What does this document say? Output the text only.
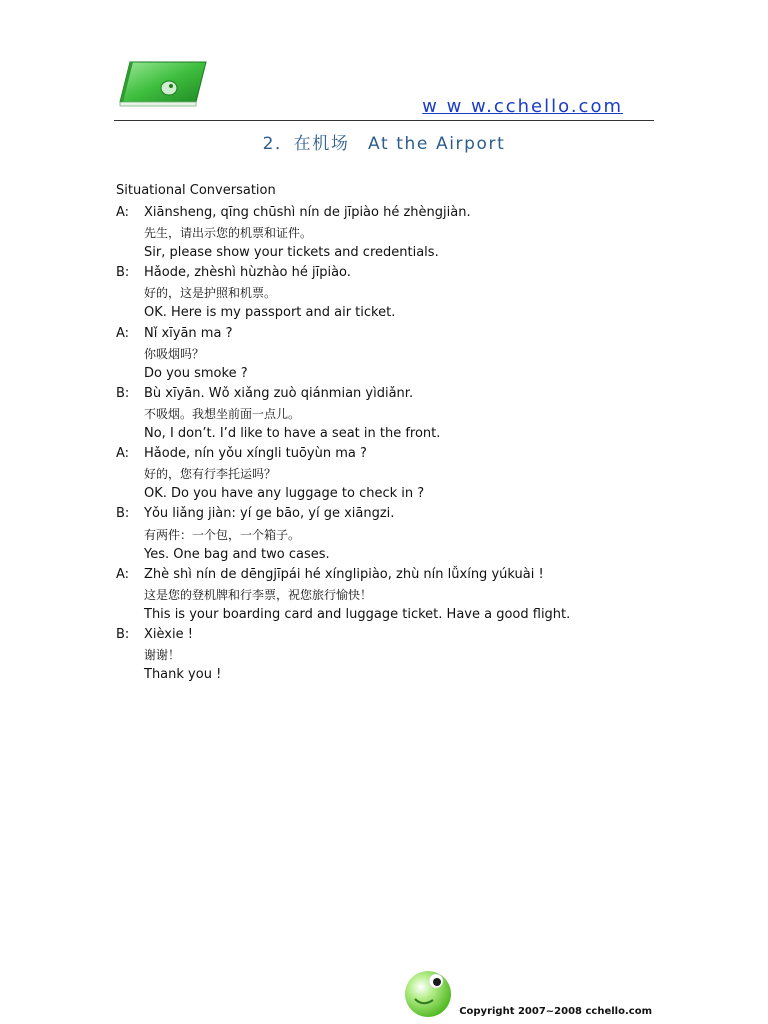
w w w.cchello.com
2．在机场　At the Airport
Situational Conversation
A:	Xiānsheng, qīng chūshì nín de jīpiào hé zhèngjiàn.
先生，请出示您的机票和证件。
Sir, please show your tickets and credentials.
B:	Hǎode, zhèshì hùzhào hé jīpiào.
好的，这是护照和机票。
OK. Here is my passport and air ticket.
A:	Nǐ xīyān ma ?
你吸烟吗？
Do you smoke ?
B:	Bù xīyān. Wǒ xiǎng zuò qiánmian yìdiǎnr.
不吸烟。我想坐前面一点儿。
No, I don’t. I’d like to have a seat in the front.
A:	Hǎode, nín yǒu xíngli tuōyùn ma ?
好的，您有行李托运吗？
OK. Do you have any luggage to check in ?
B:	Yǒu liǎng jiàn: yí ge bāo, yí ge xiāngzi.
有两件：一个包，一个箱子。
Yes. One bag and two cases.
A:	Zhè shì nín de dēngjīpái hé xínglipiào, zhù nín lǚxíng yúkuài !
这是您的登机牌和行李票，祝您旅行愉快！
This is your boarding card and luggage ticket. Have a good flight.
B:	Xièxie !
谢谢！
Thank you !
Copyright 2007~2008 cchello.com
